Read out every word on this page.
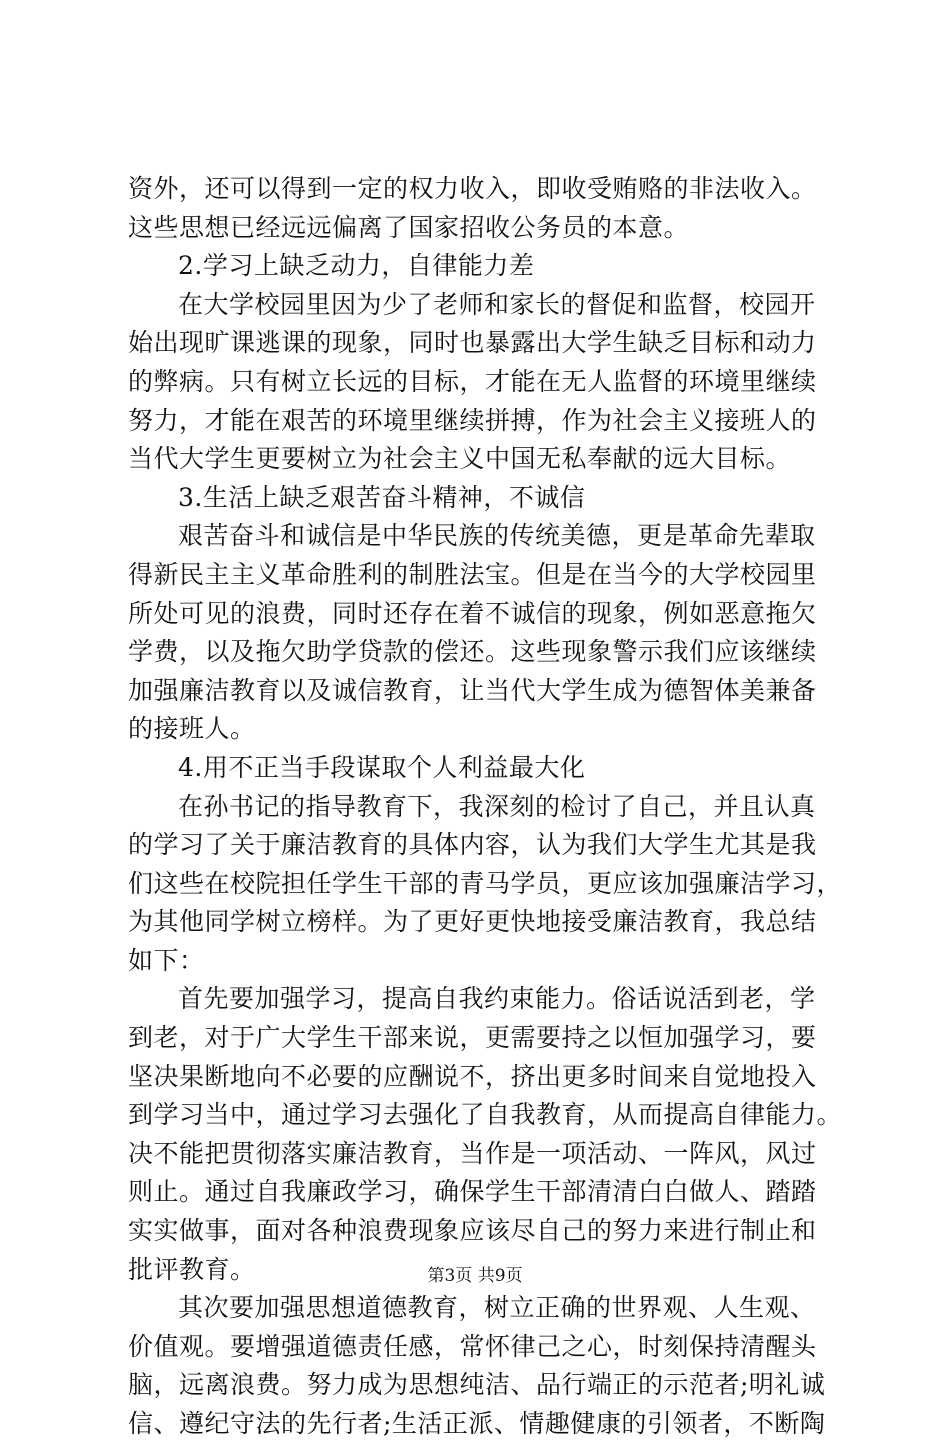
资外，还可以得到一定的权力收入，即收受贿赂的非法收入。
这些思想已经远远偏离了国家招收公务员的本意。
2.学习上缺乏动力，自律能力差
在大学校园里因为少了老师和家长的督促和监督，校园开
始出现旷课逃课的现象，同时也暴露出大学生缺乏目标和动力
的弊病。只有树立长远的目标，才能在无人监督的环境里继续
努力，才能在艰苦的环境里继续拼搏，作为社会主义接班人的
当代大学生更要树立为社会主义中国无私奉献的远大目标。
3.生活上缺乏艰苦奋斗精神，不诚信
艰苦奋斗和诚信是中华民族的传统美德，更是革命先辈取
得新民主主义革命胜利的制胜法宝。但是在当今的大学校园里
所处可见的浪费，同时还存在着不诚信的现象，例如恶意拖欠
学费，以及拖欠助学贷款的偿还。这些现象警示我们应该继续
加强廉洁教育以及诚信教育，让当代大学生成为德智体美兼备
的接班人。
4.用不正当手段谋取个人利益最大化
在孙书记的指导教育下，我深刻的检讨了自己，并且认真
的学习了关于廉洁教育的具体内容，认为我们大学生尤其是我
们这些在校院担任学生干部的青马学员，更应该加强廉洁学习，
为其他同学树立榜样。为了更好更快地接受廉洁教育，我总结
如下：
首先要加强学习，提高自我约束能力。俗话说活到老，学
到老，对于广大学生干部来说，更需要持之以恒加强学习，要
坚决果断地向不必要的应酬说不，挤出更多时间来自觉地投入
到学习当中，通过学习去强化了自我教育，从而提高自律能力。
决不能把贯彻落实廉洁教育，当作是一项活动、一阵风，风过
则止。通过自我廉政学习，确保学生干部清清白白做人、踏踏
实实做事，面对各种浪费现象应该尽自己的努力来进行制止和
批评教育。
其次要加强思想道德教育，树立正确的世界观、人生观、
价值观。要增强道德责任感，常怀律己之心，时刻保持清醒头
脑，远离浪费。努力成为思想纯洁、品行端正的示范者;明礼诚
信、遵纪守法的先行者;生活正派、情趣健康的引领者，不断陶
第3页 共9页
